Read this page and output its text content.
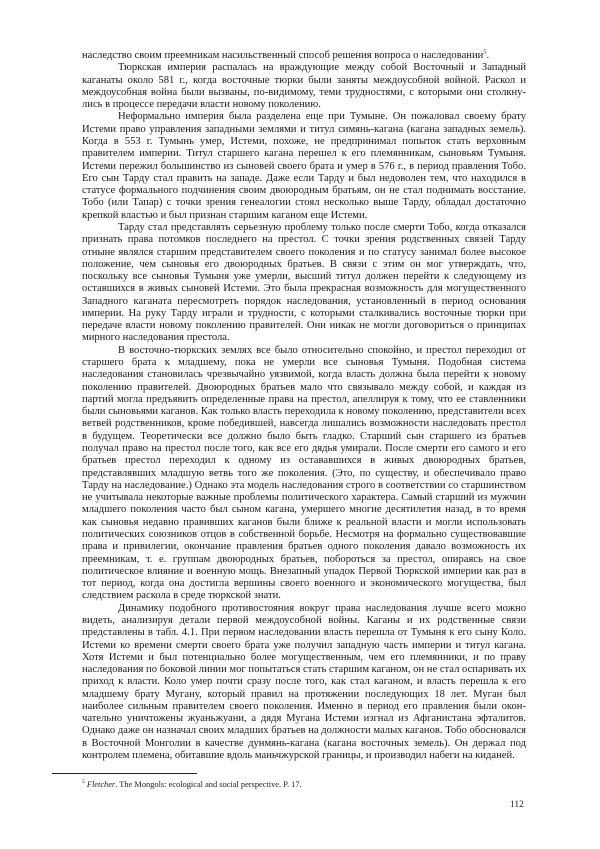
наследство своим преемникам насильственный способ решения вопроса о наследовании$^5$.

Тюркская империя распалась на враждующие между собой Восточный и Западный каганаты около 581 г., когда восточные тюрки были заняты междоусобной войной. Раскол и междоусобная война были вызваны, по-видимому, теми трудностями, с которыми они столкну-лись в процессе передачи власти новому поколению.

Неформально империя была разделена еще при Тумыне. Он пожаловал своему брату Истеми право управления западными землями и титул симянь-кагана (кагана западных земель). Когда в 553 г. Тумынь умер, Истеми, похоже, не предпринимал попыток стать верховным правителем империи. Титул старшего кагана перешел к его племянникам, сыновьям Тумыня. Истеми пережил большинство из сыновей своего брата и умер в 576 г., в период правления Тобо. Его сын Тарду стал править на западе. Даже если Тарду и был недоволен тем, что находился в статусе формального подчинения своим двоюродным братьям, он не стал поднимать восстание. Тобо (или Тапар) с точки зрения генеалогии стоял несколько выше Тарду, обладал достаточно крепкой властью и был признан старшим каганом еще Истеми.

Тарду стал представлять серьезную проблему только после смерти Тобо, когда отказался признать права потомков последнего на престол. С точки зрения родственных связей Тарду отныне являлся старшим представителем своего поколения и по статусу занимал более высокое положение, чем сыновья его двоюродных братьев. В связи с этим он мог утверждать, что, поскольку все сыновья Тумыня уже умерли, высший титул должен перейти к следующему из оставшихся в живых сыновей Истеми. Это была прекрасная возможность для могущественного Западного каганата пересмотреть порядок наследования, установленный в период основания империи. На руку Тарду играли и трудности, с которыми сталкивались восточные тюрки при передаче власти новому поколению правителей. Они никак не могли договориться о принципах мирного наследования престола.

В восточно-тюркских землях все было относительно спокойно, и престол переходил от старшего брата к младшему, пока не умерли все сыновья Тумыня. Подобная система наследования становилась чрезвычайно уязвимой, когда власть должна была перейти к новому поколению правителей. Двоюродных братьев мало что связывало между собой, и каждая из партий могла предъявить определенные права на престол, апеллируя к тому, что ее ставленники были сыновьями каганов. Как только власть переходила к новому поколению, представители всех ветвей родственников, кроме победившей, навсегда лишались возможности наследовать престол в будущем. Теоретически все должно было быть гладко. Старший сын старшего из братьев получал право на престол после того, как все его дядья умирали. После смерти его самого и его братьев престол переходил к одному из остававшихся в живых двоюродных братьев, представлявших младшую ветвь того же поколения. (Это, по существу, и обеспечивало право Тарду на наследование.) Однако эта модель наследования строго в соответствии со старшинством не учитывала некоторые важные проблемы политического характера. Самый старший из мужчин младшего поколения часто был сыном кагана, умершего многие десятилетия назад, в то время как сыновья недавно правивших каганов были ближе к реальной власти и могли использовать политических союзников отцов в собственной борьбе. Несмотря на формально существовавшие права и привилегии, окончание правления братьев одного поколения давало возможность их преемникам, т. е. группам двоюродных братьев, побороться за престол, опираясь на свое политическое влияние и военную мощь. Внезапный упадок Первой Тюркской империи как раз в тот период, когда она достигла вершины своего военного и экономического могущества, был следствием раскола в среде тюркской знати.

Динамику подобного противостояния вокруг права наследования лучше всего можно видеть, анализируя детали первой междоусобной войны. Каганы и их родственные связи представлены в табл. 4.1. При первом наследовании власть перешла от Тумыня к его сыну Колo. Истеми ко времени смерти своего брата уже получил западную часть империи и титул кагана. Хотя Истеми и был потенциально более могущественным, чем его племянники, и по праву наследования по боковой линии мог попытаться стать старшим каганом, он не стал оспаривать их приход к власти. Коло умер почти сразу после того, как стал каганом, и власть перешла к его младшему брату Мугану, который правил на протяжении последующих 18 лет. Муган был наиболее сильным правителем своего поколения. Именно в период его правления были окон-чательно уничтожены жуаньжуани, а дядя Мугана Истеми изгнал из Афганистана эфталитов. Однако даже он назначал своих младших братьев на должности малых каганов. Тобо обосновался в Восточной Монголии в качестве дунмянь-кагана (кагана восточных земель). Он держал под контролем племена, обитавшие вдоль маньчжурской границы, и производил набеги на киданей.

$^5$ Fletcher. The Mongols: ecological and social perspective. P. 17.
112
